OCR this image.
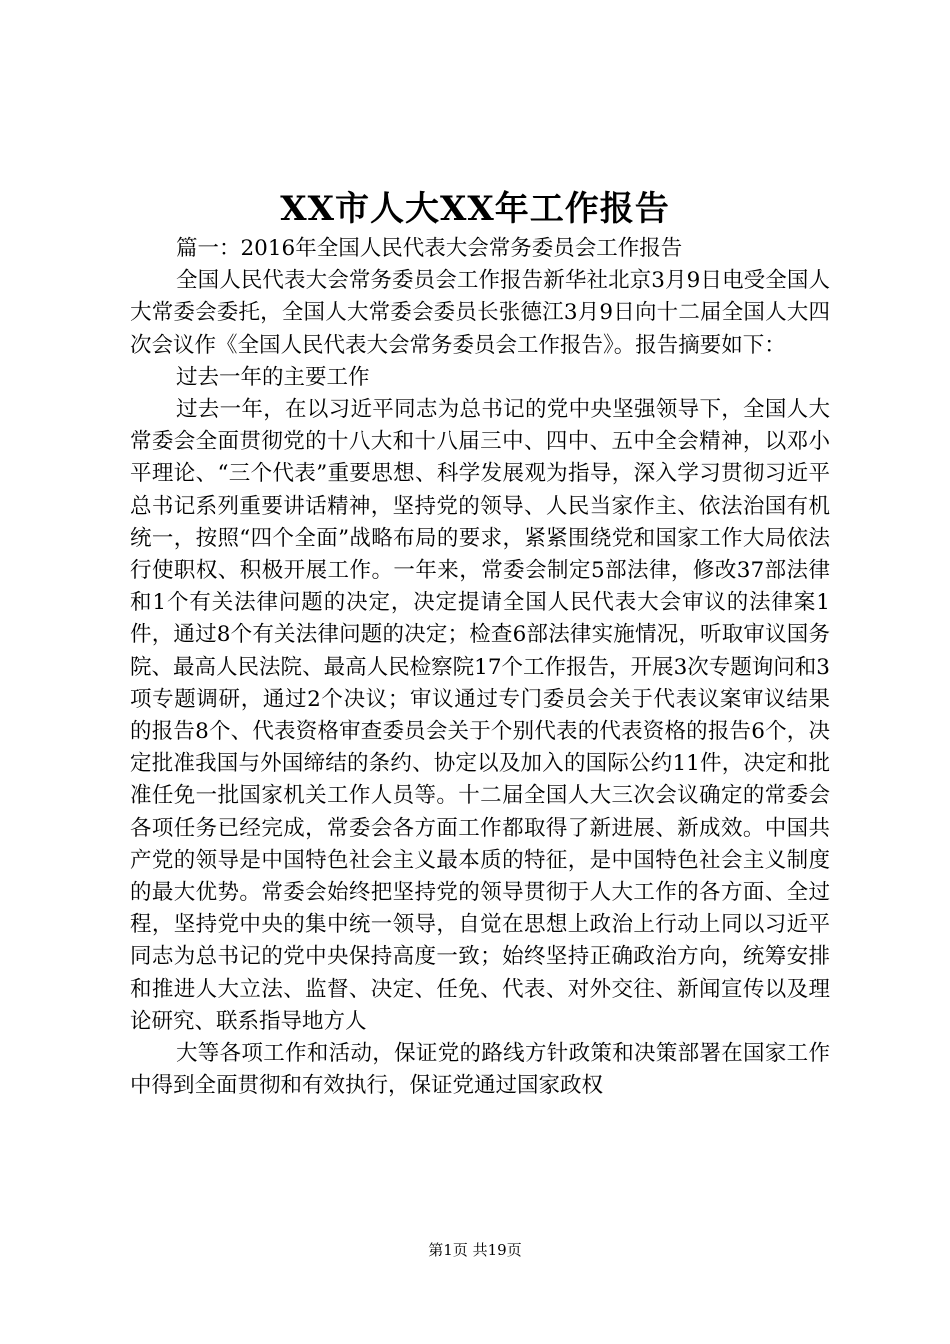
XX市人大XX年工作报告

篇一：2016年全国人民代表大会常务委员会工作报告

全国人民代表大会常务委员会工作报告新华社北京3月9日电受全国人大常委会委托，全国人大常委会委员长张德江3月9日向十二届全国人大四次会议作《全国人民代表大会常务委员会工作报告》。报告摘要如下：

过去一年的主要工作

过去一年，在以习近平同志为总书记的党中央坚强领导下，全国人大常委会全面贯彻党的十八大和十八届三中、四中、五中全会精神，以邓小平理论、“三个代表”重要思想、科学发展观为指导，深入学习贯彻习近平总书记系列重要讲话精神，坚持党的领导、人民当家作主、依法治国有机统一，按照“四个全面”战略布局的要求，紧紧围绕党和国家工作大局依法行使职权、积极开展工作。一年来，常委会制定5部法律，修改37部法律和1个有关法律问题的决定，决定提请全国人民代表大会审议的法律案1件，通过8个有关法律问题的决定；检查6部法律实施情况，听取审议国务院、最高人民法院、最高人民检察院17个工作报告，开展3次专题询问和3项专题调研，通过2个决议；审议通过专门委员会关于代表议案审议结果的报告8个、代表资格审查委员会关于个别代表的代表资格的报告6个，决定批准我国与外国缔结的条约、协定以及加入的国际公约11件，决定和批准任免一批国家机关工作人员等。十二届全国人大三次会议确定的常委会各项任务已经完成，常委会各方面工作都取得了新进展、新成效。中国共产党的领导是中国特色社会主义最本质的特征，是中国特色社会主义制度的最大优势。常委会始终把坚持党的领导贯彻于人大工作的各方面、全过程，坚持党中央的集中统一领导，自觉在思想上政治上行动上同以习近平同志为总书记的党中央保持高度一致；始终坚持正确政治方向，统筹安排和推进人大立法、监督、决定、任免、代表、对外交往、新闻宣传以及理论研究、联系指导地方人

大等各项工作和活动，保证党的路线方针政策和决策部署在国家工作中得到全面贯彻和有效执行，保证党通过国家政权

第1页 共19页
